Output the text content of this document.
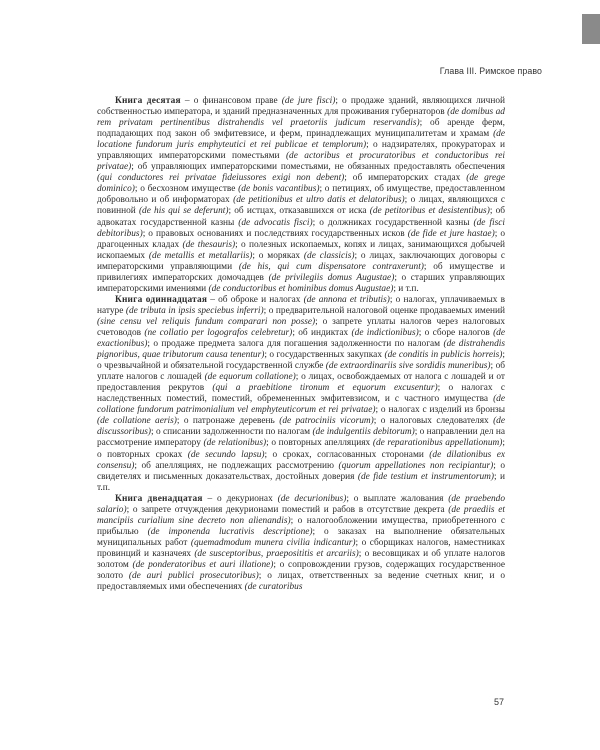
Глава III. Римское право

Книга десятая – о финансовом праве (de jure fisci); о продаже зданий, являющихся личной собственностью императора, и зданий предназначенных для проживания губернаторов (de domibus ad rem privatam pertinentibus distrahendis vel praetoriis judicum reservandis); об аренде ферм, подпадающих под закон об эмфитевзисе, и ферм, принадлежащих муниципалитетам и храмам (de locatione fundorum juris emphyteutici et rei publicae et templorum); о надзирателях, прокураторах и управляющих императорскими поместьями (de actoribus et procuratoribus et conductoribus rei privatae); об управляющих императорскими поместьями, не обязанных предоставлять обеспечения (qui conductores rei privatae fideiussores exigi non debent); об императорских стадах (de grege dominico); о бесхозном имуществе (de bonis vacantibus); о петициях, об имуществе, предоставленном добровольно и об информаторах (de petitionibus et ultro datis et delatoribus); о лицах, являющихся с повинной (de his qui se deferunt); об истцах, отказавшихся от иска (de petitoribus et desistentibus); об адвокатах государственной казны (de advocatis fisci); о должниках государственной казны (de fisci debitoribus); о правовых основаниях и последствиях государственных исков (de fide et jure hastae); о драгоценных кладах (de thesauris); о полезных ископаемых, копях и лицах, занимающихся добычей ископаемых (de metallis et metallariis); о моряках (de classicis); о лицах, заключающих договоры с императорскими управляющими (de his, qui cum dispensatore contraxerunt); об имуществе и привилегиях императорских домочадцев (de privilegiis domus Augustae); о старших управляющих императорскими имениями (de conductoribus et hominibus domus Augustae); и т.п.

Книга одиннадцатая – об оброке и налогах (de annona et tributis); о налогах, уплачиваемых в натуре (de tributa in ipsis speciebus inferri); о предварительной налоговой оценке продаваемых имений (sine censu vel reliquis fundum comparari non posse); о запрете уплаты налогов через налоговых счетоводов (ne collatio per logografos celebretur); об индиктах (de indictionibus); о сборе налогов (de exactionibus); о продаже предмета залога для погашения задолженности по налогам (de distrahendis pignoribus, quae tributorum causa tenentur); о государственных закупках (de conditis in publicis horreis); о чрезвычайной и обязательной государственной службе (de extraordinariis sive sordidis muneribus); об уплате налогов с лошадей (de equorum collatione); о лицах, освобождаемых от налога с лошадей и от предоставления рекрутов (qui a praebitione tironum et equorum excusentur); о налогах с наследственных поместий, поместий, обремененных эмфитевзисом, и с частного имущества (de collatione fundorum patrimonialium vel emphyteuticorum et rei privatae); о налогах с изделий из бронзы (de collatione aeris); о патронаже деревень (de patrociniis vicorum); о налоговых следователях (de discussoribus); о списании задолженности по налогам (de indulgentiis debitorum); о направлении дел на рассмотрение императору (de relationibus); о повторных апелляциях (de reparationibus appellationum); о повторных сроках (de secundo lapsu); о сроках, согласованных сторонами (de dilationibus ex consensu); об апелляциях, не подлежащих рассмотрению (quorum appellationes non recipiantur); о свидетелях и письменных доказательствах, достойных доверия (de fide testium et instrumentorum); и т.п.

Книга двенадцатая – о декурионах (de decurionibus); о выплате жалования (de praebendo salario); о запрете отчуждения декурионами поместий и рабов в отсутствие декрета (de praediis et mancipiis curialium sine decreto non alienandis); о налогообложении имущества, приобретенного с прибылью (de imponenda lucrativis descriptione); о заказах на выполнение обязательных муниципальных работ (quemadmodum munera civilia indicantur); о сборщиках налогов, наместниках провинций и казначеях (de susceptoribus, praeposititis et arcariis); о весовщиках и об уплате налогов золотом (de ponderatoribus et auri illatione); о сопровождении грузов, содержащих государственное золото (de auri publici prosecutoribus); о лицах, ответственных за ведение счетных книг, и о предоставляемых ими обеспечениях (de curatoribus

57
